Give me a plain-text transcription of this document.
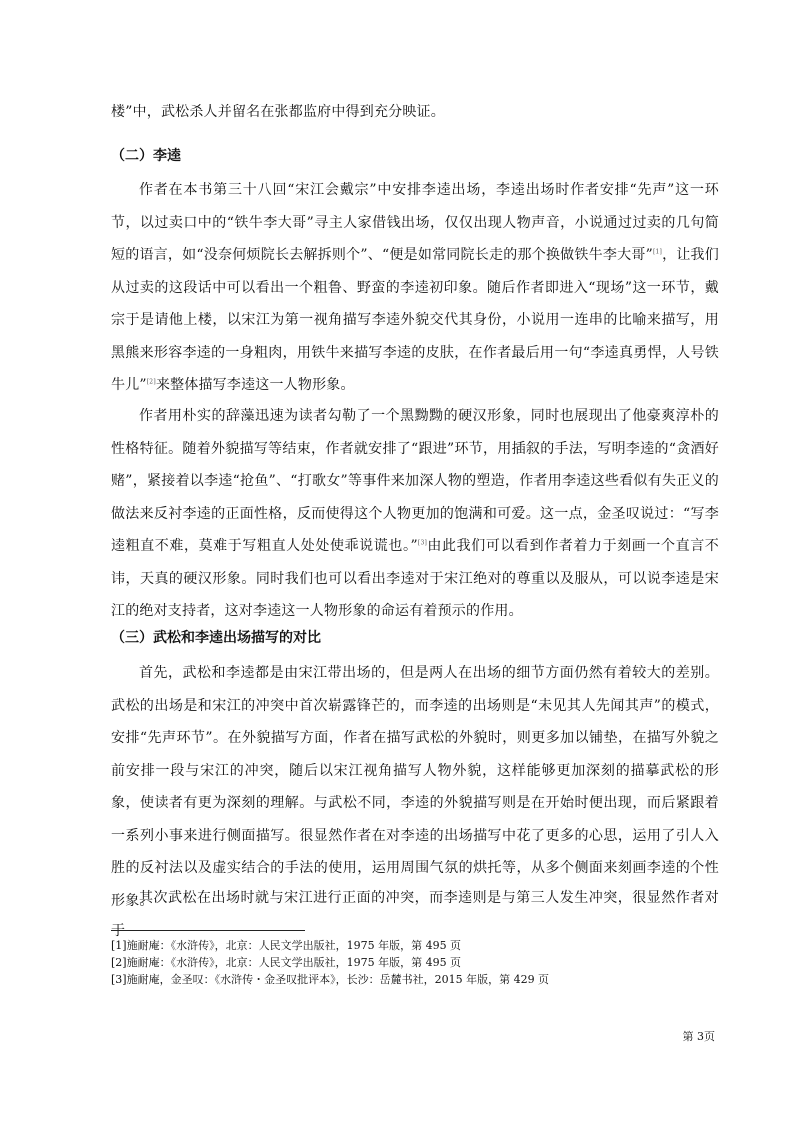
楼”中，武松杀人并留名在张都监府中得到充分映证。

（二）李逵

作者在本书第三十八回“宋江会戴宗”中安排李逵出场，李逵出场时作者安排“先声”这一环节，以过卖口中的“铁牛李大哥”寻主人家借钱出场，仅仅出现人物声音，小说通过过卖的几句简短的语言，如“没奈何烦院长去解拆则个”、“便是如常同院长走的那个换做铁牛李大哥”[1]，让我们从过卖的这段话中可以看出一个粗鲁、野蛮的李逵初印象。随后作者即进入“现场”这一环节，戴宗于是请他上楼，以宋江为第一视角描写李逵外貌交代其身份，小说用一连串的比喻来描写，用黑熊来形容李逵的一身粗肉，用铁牛来描写李逵的皮肤，在作者最后用一句“李逵真勇悍，人号铁牛儿”[2]来整体描写李逵这一人物形象。

作者用朴实的辞藻迅速为读者勾勒了一个黑黝黝的硬汉形象，同时也展现出了他豪爽淳朴的性格特征。随着外貌描写等结束，作者就安排了“跟进”环节，用插叙的手法，写明李逵的“贪酒好赌”，紧接着以李逵“抢鱼”、“打歌女”等事件来加深人物的塑造，作者用李逵这些看似有失正义的做法来反衬李逵的正面性格，反而使得这个人物更加的饱满和可爱。这一点，金圣叹说过：“写李逵粗直不难，莫难于写粗直人处处使乖说谎也。”[3]由此我们可以看到作者着力于刻画一个直言不讳，天真的硬汉形象。同时我们也可以看出李逵对于宋江绝对的尊重以及服从，可以说李逵是宋江的绝对支持者，这对李逵这一人物形象的命运有着预示的作用。

（三）武松和李逵出场描写的对比

首先，武松和李逵都是由宋江带出场的，但是两人在出场的细节方面仍然有着较大的差别。武松的出场是和宋江的冲突中首次崭露锋芒的，而李逵的出场则是“未见其人先闻其声”的模式，安排“先声环节”。在外貌描写方面，作者在描写武松的外貌时，则更多加以铺垫，在描写外貌之前安排一段与宋江的冲突，随后以宋江视角描写人物外貌，这样能够更加深刻的描摹武松的形象，使读者有更为深刻的理解。与武松不同，李逵的外貌描写则是在开始时便出现，而后紧跟着一系列小事来进行侧面描写。很显然作者在对李逵的出场描写中花了更多的心思，运用了引人入胜的反衬法以及虚实结合的手法的使用，运用周围气氛的烘托等，从多个侧面来刻画李逵的个性形象。

其次武松在出场时就与宋江进行正面的冲突，而李逵则是与第三人发生冲突，很显然作者对于

[1]施耐庵：《水浒传》，北京：人民文学出版社，1975 年版，第 495 页
[2]施耐庵：《水浒传》，北京：人民文学出版社，1975 年版，第 495 页
[3]施耐庵，金圣叹：《水浒传・金圣叹批评本》，长沙：岳麓书社，2015 年版，第 429 页
第 3页
